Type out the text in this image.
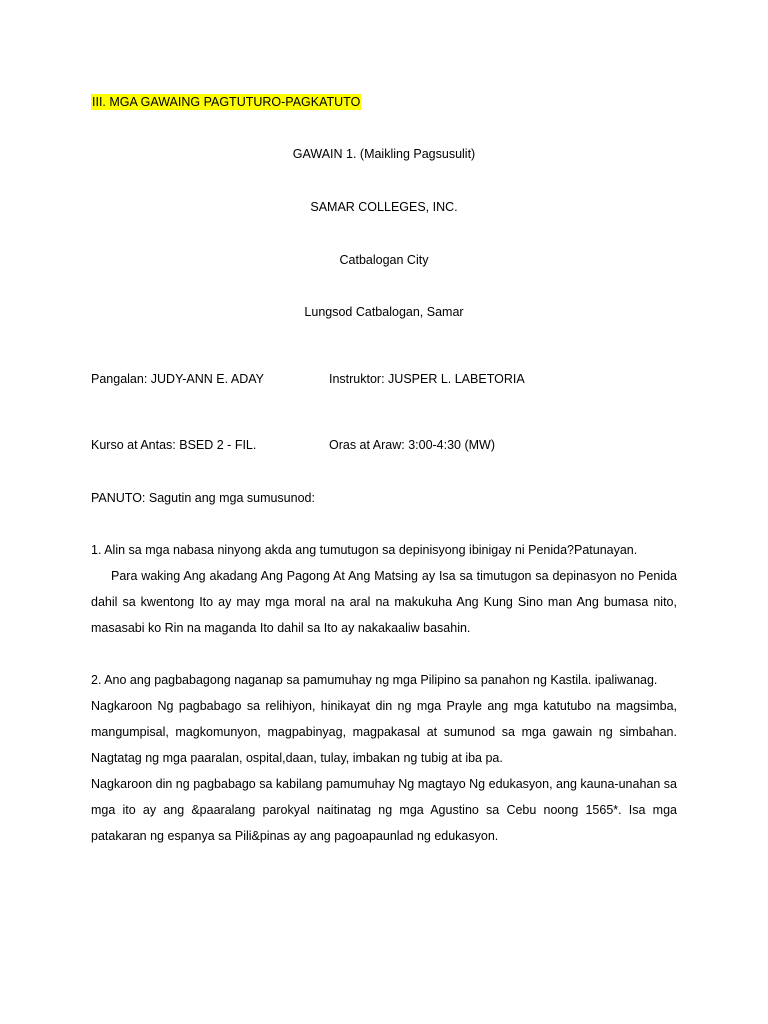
III. MGA GAWAING PAGTUTURO-PAGKATUTO
GAWAIN 1. (Maikling Pagsusulit)
SAMAR COLLEGES, INC.
Catbalogan City
Lungsod Catbalogan, Samar
Pangalan: JUDY-ANN E. ADAY	Instruktor: JUSPER L. LABETORIA
Kurso at Antas: BSED 2 - FIL.	Oras at Araw: 3:00-4:30 (MW)
PANUTO: Sagutin ang mga sumusunod:

1. Alin sa mga nabasa ninyong akda ang tumutugon sa depinisyong ibinigay ni Penida?Patunayan.

Para waking Ang akadang Ang Pagong At Ang Matsing ay Isa sa timutugon sa depinasyon no Penida dahil sa kwentong Ito ay may mga moral na aral na makukuha Ang Kung Sino man Ang bumasa nito, masasabi ko Rin na maganda Ito dahil sa Ito ay nakakaaliw basahin.

2. Ano ang pagbabagong naganap sa pamumuhay ng mga Pilipino sa panahon ng Kastila. ipaliwanag.

Nagkaroon Ng pagbabago sa relihiyon, hinikayat din ng mga Prayle ang mga katutubo na magsimba, mangumpisal, magkomunyon, magpabinyag, magpakasal at sumunod sa mga gawain ng simbahan. Nagtatag ng mga paaralan, ospital,daan, tulay, imbakan ng tubig at iba pa.

Nagkaroon din ng pagbabago sa kabilang pamumuhay Ng magtayo Ng edukasyon, ang kauna-unahan sa mga ito ay ang &paaralang parokyal naitinatag ng mga Agustino sa Cebu noong 1565*. Isa mga patakaran ng espanya sa Pili&pinas ay ang pagoapaunlad ng edukasyon.
